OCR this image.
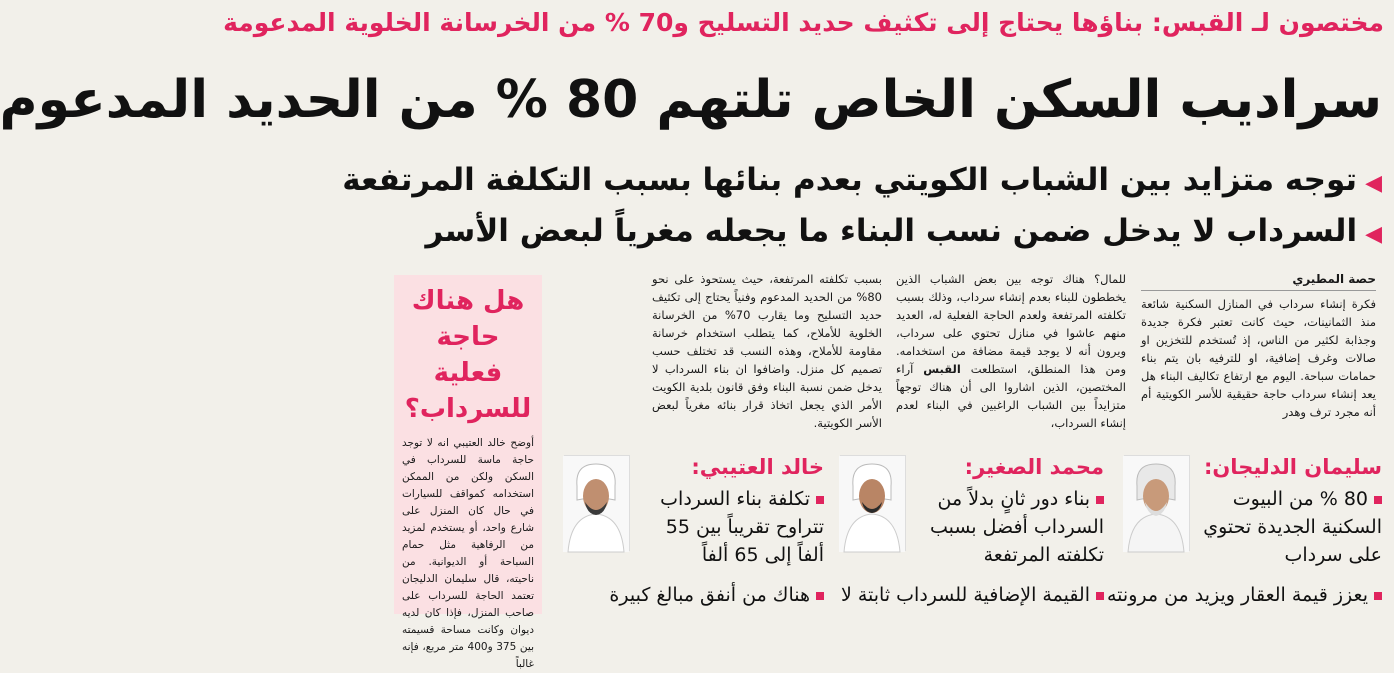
مختصون لـ القبس: بناؤها يحتاج إلى تكثيف حديد التسليح و70 % من الخرسانة الخلوية المدعومة
سراديب السكن الخاص تلتهم 80 % من الحديد المدعوم
◀توجه متزايد بين الشباب الكويتي بعدم بنائها بسبب التكلفة المرتفعة
◀السرداب لا يدخل ضمن نسب البناء ما يجعله مغرياً لبعض الأسر
حصة المطيري
فكرة إنشاء سرداب في المنازل السكنية شائعة منذ الثمانينات، حيث كانت تعتبر فكرة جديدة وجذابة لكثير من الناس، إذ تُستخدم للتخزين او صالات وغرف إضافية، او للترفيه بان يتم بناء حمامات سباحة. اليوم مع ارتفاع تكاليف البناء هل يعد إنشاء سرداب حاجة حقيقية للأسر الكويتية أم أنه مجرد ترف وهدر
للمال؟ هناك توجه بين بعض الشباب الذين يخططون للبناء بعدم إنشاء سرداب، وذلك بسبب تكلفته المرتفعة ولعدم الحاجة الفعلية له، العديد منهم عاشوا في منازل تحتوي على سرداب، ويرون أنه لا يوجد قيمة مضافة من استخدامه. ومن هذا المنطلق، استطلعت القبس آراء المختصين، الذين اشاروا الى أن هناك توجهاً متزايداً بين الشباب الراغبين في البناء لعدم إنشاء السرداب،
بسبب تكلفته المرتفعة، حيث يستحوذ على نحو 80% من الحديد المدعوم وفنياً يحتاج إلى تكثيف حديد التسليح وما يقارب 70% من الخرسانة الخلوية للأملاح، كما يتطلب استخدام خرسانة مقاومة للأملاح، وهذه النسب قد تختلف حسب تصميم كل منزل. واضافوا ان بناء السرداب لا يدخل ضمن نسبة البناء وفق قانون بلدية الكويت الأمر الذي يجعل اتخاذ قرار بنائه مغرياً لبعض الأسر الكويتية.
هل هناك حاجة فعلية للسرداب؟
أوضح خالد العتيبي انه لا توجد حاجة ماسة للسرداب في السكن ولكن من الممكن استخدامه كمواقف للسيارات في حال كان المنزل على شارع واحد، أو يستخدم لمزيد من الرفاهية مثل حمام السباحة أو الديوانية. من ناحيته، قال سليمان الدليجان تعتمد الحاجة للسرداب على صاحب المنزل، فإذا كان لديه ديوان وكانت مساحة قسيمته بين 375 و400 متر مربع، فإنه غالباً
سليمان الدليجان:
80 % من البيوت السكنية الجديدة تحتوي على سرداب
يعزز قيمة العقار ويزيد من مرونته
محمد الصغير:
بناء دور ثانٍ بدلاً من السرداب أفضل بسبب تكلفته المرتفعة
القيمة الإضافية للسرداب ثابتة لا
خالد العتيبي:
تكلفة بناء السرداب تتراوح تقريباً بين 55 ألفاً إلى 65 ألفاً
هناك من أنفق مبالغ كبيرة
